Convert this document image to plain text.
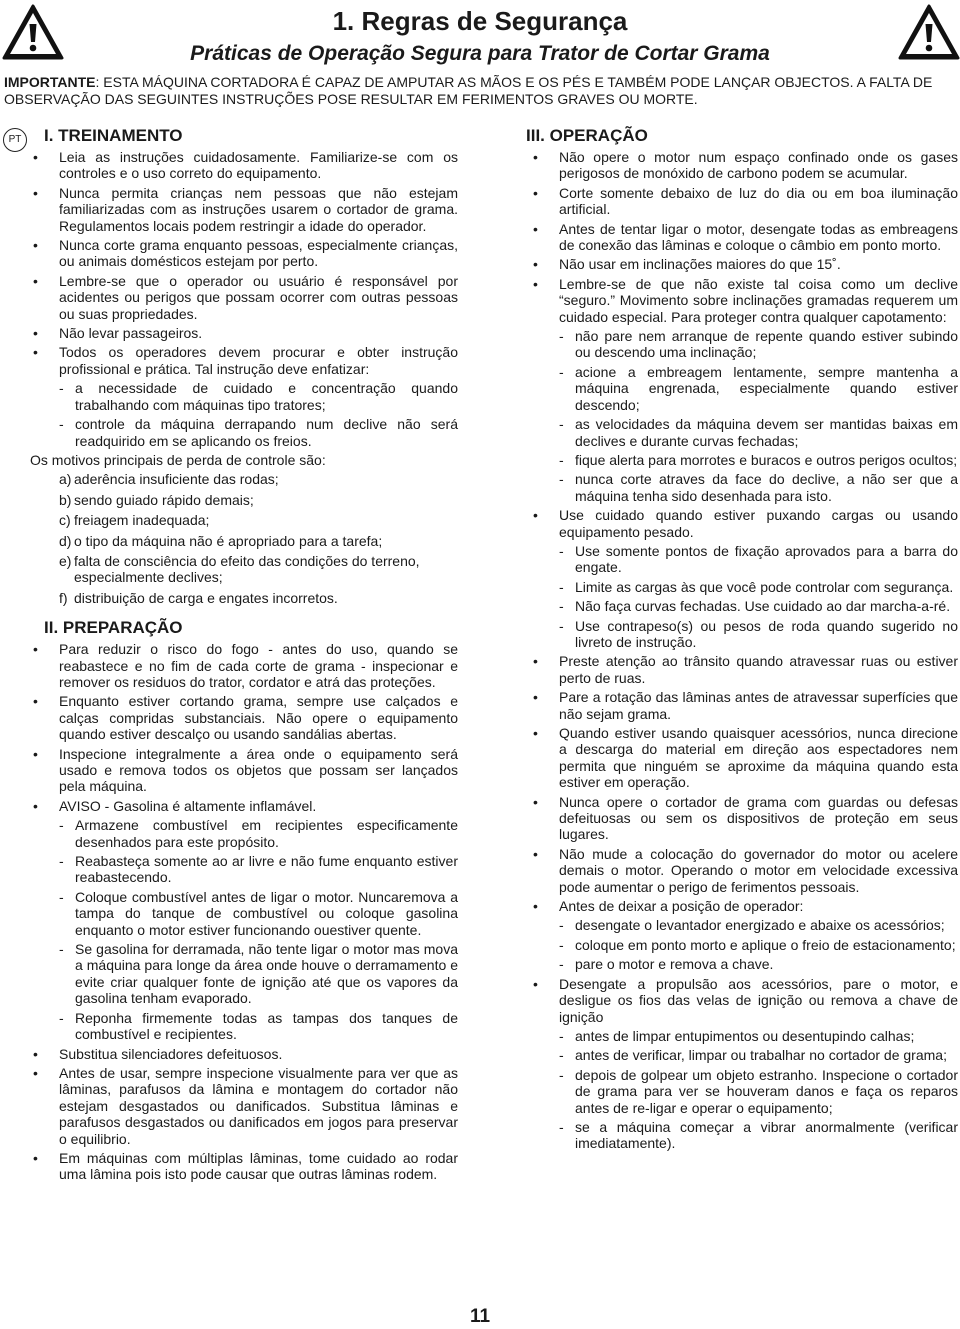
1. Regras de Segurança
Práticas de Operação Segura para Trator de Cortar Grama
IMPORTANTE: ESTA MÁQUINA CORTADORA É CAPAZ DE AMPUTAR AS MÃOS E OS PÉS E TAMBÉM PODE LANÇAR OBJECTOS. A FALTA DE OBSERVAÇÃO DAS SEGUINTES INSTRUÇÕES POSE RESULTAR EM FERIMENTOS GRAVES OU MORTE.
PT	I. TREINAMENTO
• Leia as instruções cuidadosamente. Familiarize-se com os controles e o uso correto do equipamento.
• Nunca permita crianças nem pessoas que não estejam familiarizadas com as instruções usarem o cortador de grama. Regulamentos locais podem restringir a idade do operador.
• Nunca corte grama enquanto pessoas, especialmente crianças, ou animais domésticos estejam por perto.
• Lembre-se que o operador ou usuário é responsável por acidentes ou perigos que possam ocorrer com outras pessoas ou suas propriedades.
• Não levar passageiros.
• Todos os operadores devem procurar e obter instrução profissional e prática. Tal instrução deve enfatizar:
- a necessidade de cuidado e concentração quando trabalhando com máquinas tipo tratores;
- controle da máquina derrapando num declive não será readquirido em se aplicando os freios.
Os motivos principais de perda de controle são:
a) aderência insuficiente das rodas;
b) sendo guiado rápido demais;
c) freiagem inadequada;
d) o tipo da máquina não é apropriado para a tarefa;
e) falta de consciência do efeito das condições do terreno, especialmente declives;
f) distribuição de carga e engates incorretos.
II. PREPARAÇÃO
• Para reduzir o risco do fogo - antes do uso, quando se reabastece e no fim de cada corte de grama - inspecionar e remover os residuos do trator, cordator e atrá das proteções.
• Enquanto estiver cortando grama, sempre use calçados e calças compridas substanciais. Não opere o equipamento quando estiver descalço ou usando sandálias abertas.
• Inspecione integralmente a área onde o equipamento será usado e remova todos os objetos que possam ser lançados pela máquina.
• AVISO - Gasolina é altamente inflamável.
- Armazene combustível em recipientes especificamente desenhados para este propósito.
- Reabasteça somente ao ar livre e não fume enquanto estiver reabastecendo.
- Coloque combustível antes de ligar o motor. Nuncaremova a tampa do tanque de combustível ou coloque gasolina enquanto o motor estiver funcionando ouestiver quente.
- Se gasolina for derramada, não tente ligar o motor mas mova a máquina para longe da área onde houve o derramamento e evite criar qualquer fonte de ignição até que os vapores da gasolina tenham evaporado.
- Reponha firmemente todas as tampas dos tanques de combustível e recipientes.
• Substitua silenciadores defeituosos.
• Antes de usar, sempre inspecione visualmente para ver que as lâminas, parafusos da lâmina e montagem do cortador não estejam desgastados ou danificados. Substitua lâminas e parafusos desgastados ou danificados em jogos para preservar o equilibrio.
• Em máquinas com múltiplas lâminas, tome cuidado ao rodar uma lâmina pois isto pode causar que outras lâminas rodem.
III. OPERAÇÃO
• Não opere o motor num espaço confinado onde os gases perigosos de monóxido de carbono podem se acumular.
• Corte somente debaixo de luz do dia ou em boa iluminação artificial.
• Antes de tentar ligar o motor, desengate todas as embreagens de conexão das lâminas e coloque o câmbio em ponto morto.
• Não usar em inclinações maiores do que 15˚.
• Lembre-se de que não existe tal coisa como um declive “seguro.” Movimento sobre inclinações gramadas requerem um cuidado especial. Para proteger contra qualquer capotamento:
- não pare nem arranque de repente quando estiver subindo ou descendo uma inclinação;
- acione a embreagem lentamente, sempre mantenha a máquina engrenada, especialmente quando estiver descendo;
- as velocidades da máquina devem ser mantidas baixas em declives e durante curvas fechadas;
- fique alerta para morrotes e buracos e outros perigos ocultos;
- nunca corte atraves da face do declive, a não ser que a máquina tenha sido desenhada para isto.
• Use cuidado quando estiver puxando cargas ou usando equipamento pesado.
- Use somente pontos de fixação aprovados para a barra do engate.
- Limite as cargas às que você pode controlar com segurança.
- Não faça curvas fechadas. Use cuidado ao dar marcha-a-ré.
- Use contrapeso(s) ou pesos de roda quando sugerido no livreto de instrução.
• Preste atenção ao trânsito quando atravessar ruas ou estiver perto de ruas.
• Pare a rotação das lâminas antes de atravessar superfícies que não sejam grama.
• Quando estiver usando quaisquer acessórios, nunca direcione a descarga do material em direção aos espectadores nem permita que ninguém se aproxime da máquina quando esta estiver em operação.
• Nunca opere o cortador de grama com guardas ou defesas defeituosas ou sem os dispositivos de proteção em seus lugares.
• Não mude a colocação do governador do motor ou acelere demais o motor. Operando o motor em velocidade excessiva pode aumentar o perigo de ferimentos pessoais.
• Antes de deixar a posição de operador:
- desengate o levantador energizado e abaixe os acessórios;
- coloque em ponto morto e aplique o freio de estacionamento;
- pare o motor e remova a chave.
• Desengate a propulsão aos acessórios, pare o motor, e desligue os fios das velas de ignição ou remova a chave de ignição
- antes de limpar entupimentos ou desentupindo calhas;
- antes de verificar, limpar ou trabalhar no cortador de grama;
- depois de golpear um objeto estranho. Inspecione o cortador de grama para ver se houveram danos e faça os reparos antes de re-ligar e operar o equipamento;
- se a máquina começar a vibrar anormalmente (verificar imediatamente).
11
